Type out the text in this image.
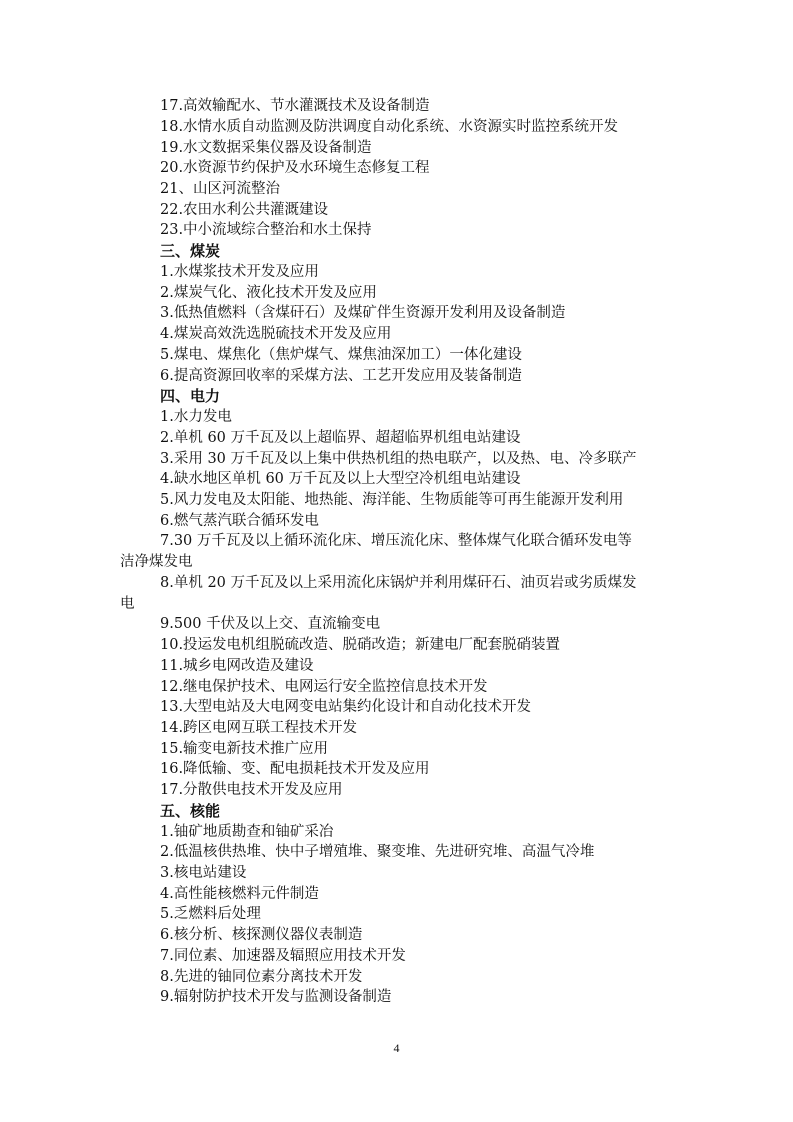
17.高效输配水、节水灌溉技术及设备制造
18.水情水质自动监测及防洪调度自动化系统、水资源实时监控系统开发
19.水文数据采集仪器及设备制造
20.水资源节约保护及水环境生态修复工程
21、山区河流整治
22.农田水利公共灌溉建设
23.中小流域综合整治和水土保持
三、煤炭
1.水煤浆技术开发及应用
2.煤炭气化、液化技术开发及应用
3.低热值燃料（含煤矸石）及煤矿伴生资源开发利用及设备制造
4.煤炭高效洗选脱硫技术开发及应用
5.煤电、煤焦化（焦炉煤气、煤焦油深加工）一体化建设
6.提高资源回收率的采煤方法、工艺开发应用及装备制造
四、电力
1.水力发电
2.单机 60 万千瓦及以上超临界、超超临界机组电站建设
3.采用 30 万千瓦及以上集中供热机组的热电联产，以及热、电、冷多联产
4.缺水地区单机 60 万千瓦及以上大型空冷机组电站建设
5.风力发电及太阳能、地热能、海洋能、生物质能等可再生能源开发利用
6.燃气蒸汽联合循环发电
7.30 万千瓦及以上循环流化床、增压流化床、整体煤气化联合循环发电等
洁净煤发电
8.单机 20 万千瓦及以上采用流化床锅炉并利用煤矸石、油页岩或劣质煤发
电
9.500 千伏及以上交、直流输变电
10.投运发电机组脱硫改造、脱硝改造；新建电厂配套脱硝装置
11.城乡电网改造及建设
12.继电保护技术、电网运行安全监控信息技术开发
13.大型电站及大电网变电站集约化设计和自动化技术开发
14.跨区电网互联工程技术开发
15.输变电新技术推广应用
16.降低输、变、配电损耗技术开发及应用
17.分散供电技术开发及应用
五、核能
1.铀矿地质勘查和铀矿采冶
2.低温核供热堆、快中子增殖堆、聚变堆、先进研究堆、高温气冷堆
3.核电站建设
4.高性能核燃料元件制造
5.乏燃料后处理
6.核分析、核探测仪器仪表制造
7.同位素、加速器及辐照应用技术开发
8.先进的铀同位素分离技术开发
9.辐射防护技术开发与监测设备制造
4
